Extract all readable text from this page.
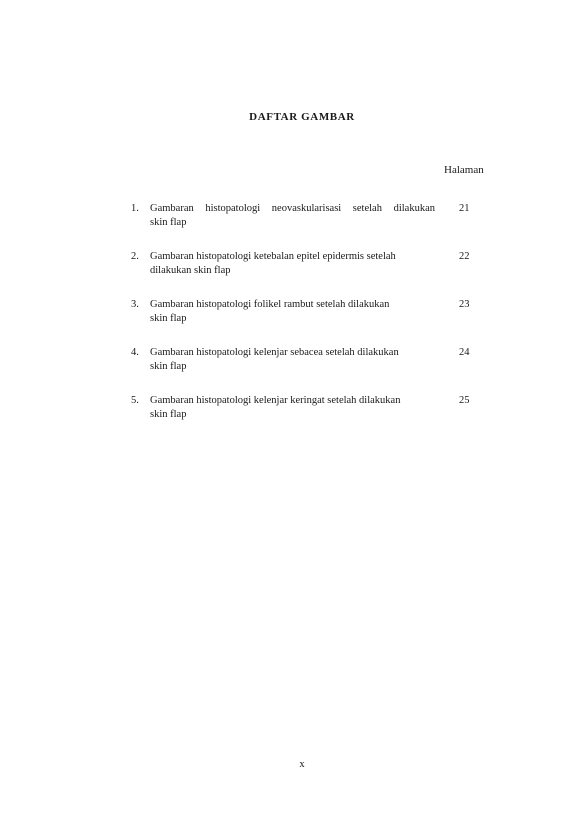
DAFTAR GAMBAR
Halaman
1. Gambaran histopatologi neovaskularisasi setelah dilakukan
skin flap
21
2. Gambaran histopatologi ketebalan epitel epidermis setelah
dilakukan skin flap
22
3. Gambaran histopatologi folikel rambut setelah dilakukan
skin flap
23
4. Gambaran histopatologi kelenjar sebacea setelah dilakukan
skin flap
24
5. Gambaran histopatologi kelenjar keringat setelah dilakukan
skin flap
25
x
